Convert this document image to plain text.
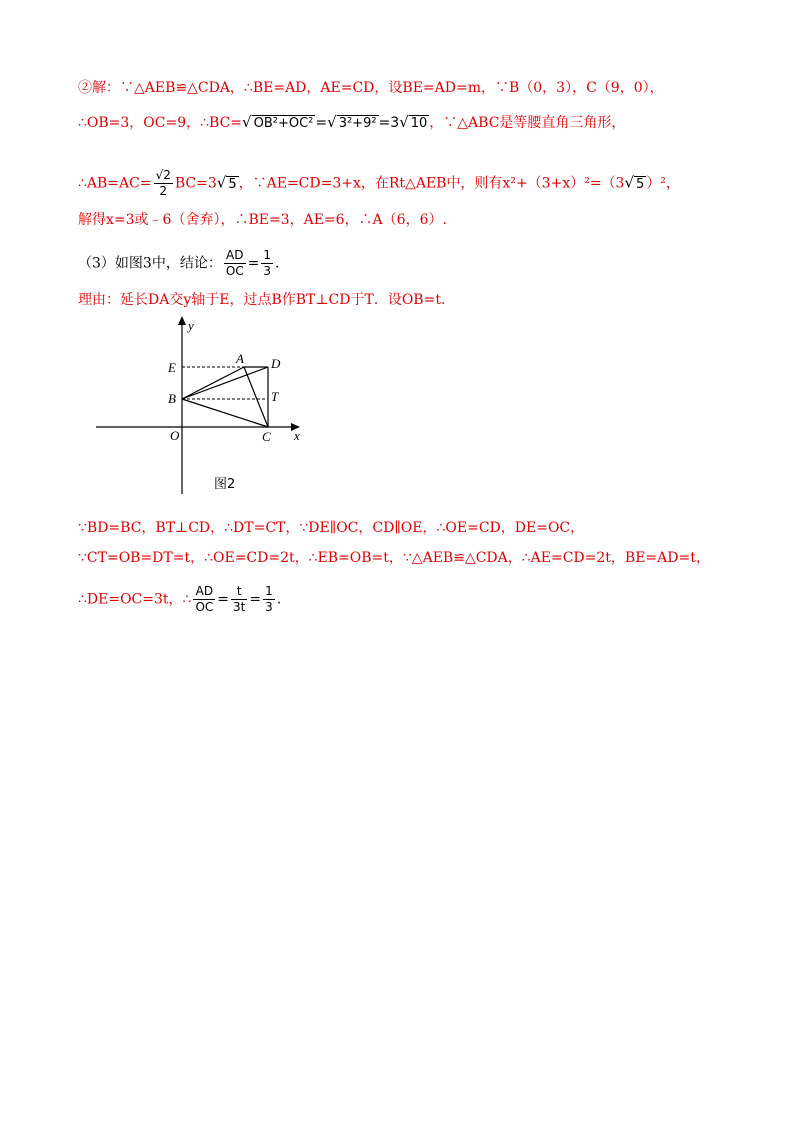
②解：∵△AEB≌△CDA，∴BE=AD，AE=CD，设BE=AD=m，∵B（0，3），C（9，0），
∴OB=3，OC=9，∴BC=√ OB²+OC² =√ 3²+9² =3√ 10 ，∵△ABC是等腰直角三角形，
∴AB=AC= $\frac{√2}{2} BC=3√$ 5 ，∵AE=CD=3+x，在Rt△AEB中，则有x²+（3+x）²=（3√ 5 ）²，
解得x=3或﹣6（舍弃），∴BE=3，AE=6，∴A（6，6）.
（3）如图3中，结论： $\frac{AD}{OC} = \frac{1}{3}$ .
理由：延长DA交y轴于E，过点B作BT⊥CD于T．设OB=t.
y
x
E
A D
B	T
O	C
图2
∵BD=BC，BT⊥CD，∴DT=CT，∵DE∥OC，CD∥OE，∴OE=CD，DE=OC，
∵CT=OB=DT=t，∴OE=CD=2t，∴EB=OB=t，∵△AEB≌△CDA，∴AE=CD=2t，BE=AD=t，
∴DE=OC=3t，∴ $\frac{AD}{OC} = \frac{t}{3t} = \frac{1}{3}$ .
